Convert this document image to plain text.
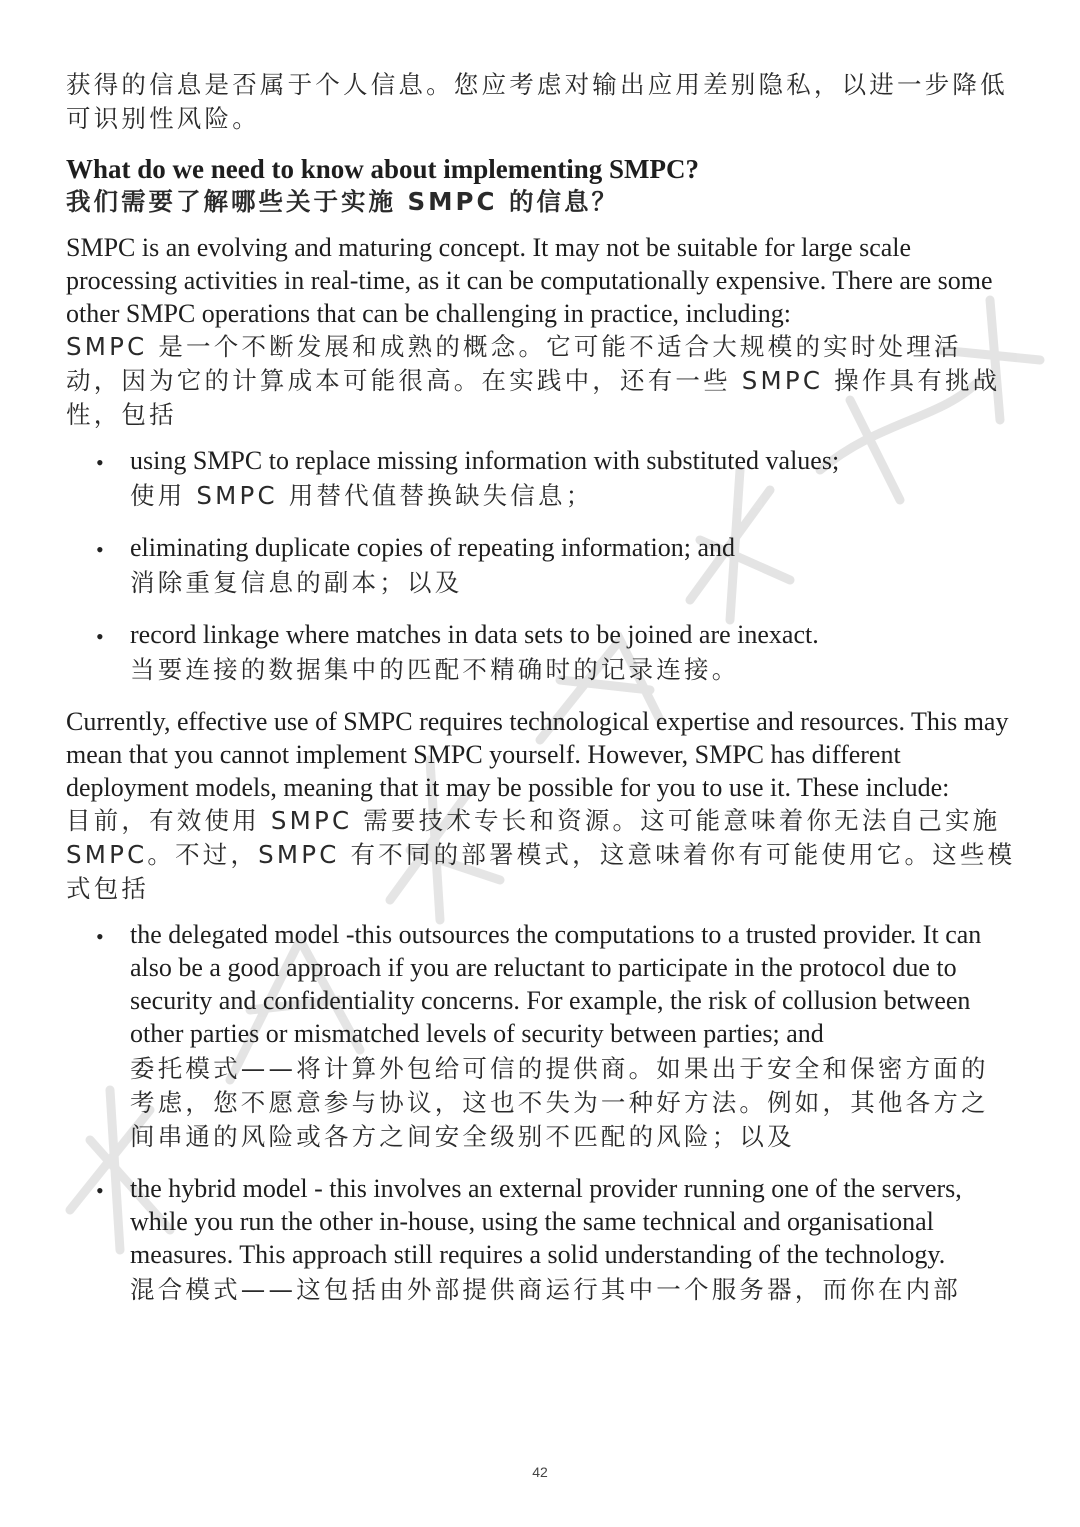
获得的信息是否属于个人信息。您应考虑对输出应用差别隐私，以进一步降低可识别性风险。

What do we need to know about implementing SMPC?
我们需要了解哪些关于实施 SMPC 的信息？

SMPC is an evolving and maturing concept. It may not be suitable for large scale processing activities in real-time, as it can be computationally expensive. There are some other SMPC operations that can be challenging in practice, including:

SMPC 是一个不断发展和成熟的概念。它可能不适合大规模的实时处理活动，因为它的计算成本可能很高。在实践中，还有一些 SMPC 操作具有挑战性，包括

• using SMPC to replace missing information with substituted values;

使用 SMPC 用替代值替换缺失信息；

• eliminating duplicate copies of repeating information; and

消除重复信息的副本；以及

• record linkage where matches in data sets to be joined are inexact.

当要连接的数据集中的匹配不精确时的记录连接。

Currently, effective use of SMPC requires technological expertise and resources. This may mean that you cannot implement SMPC yourself. However, SMPC has different deployment models, meaning that it may be possible for you to use it. These include:

目前，有效使用 SMPC 需要技术专长和资源。这可能意味着你无法自己实施 SMPC。不过，SMPC 有不同的部署模式，这意味着你有可能使用它。这些模式包括

• the delegated model -this outsources the computations to a trusted provider. It can also be a good approach if you are reluctant to participate in the protocol due to security and confidentiality concerns. For example, the risk of collusion between other parties or mismatched levels of security between parties; and

委托模式——将计算外包给可信的提供商。如果出于安全和保密方面的考虑，您不愿意参与协议，这也不失为一种好方法。例如，其他各方之间串通的风险或各方之间安全级别不匹配的风险；以及

• the hybrid model - this involves an external provider running one of the servers, while you run the other in-house, using the same technical and organisational measures. This approach still requires a solid understanding of the technology.

混合模式——这包括由外部提供商运行其中一个服务器，而你在内部

42
